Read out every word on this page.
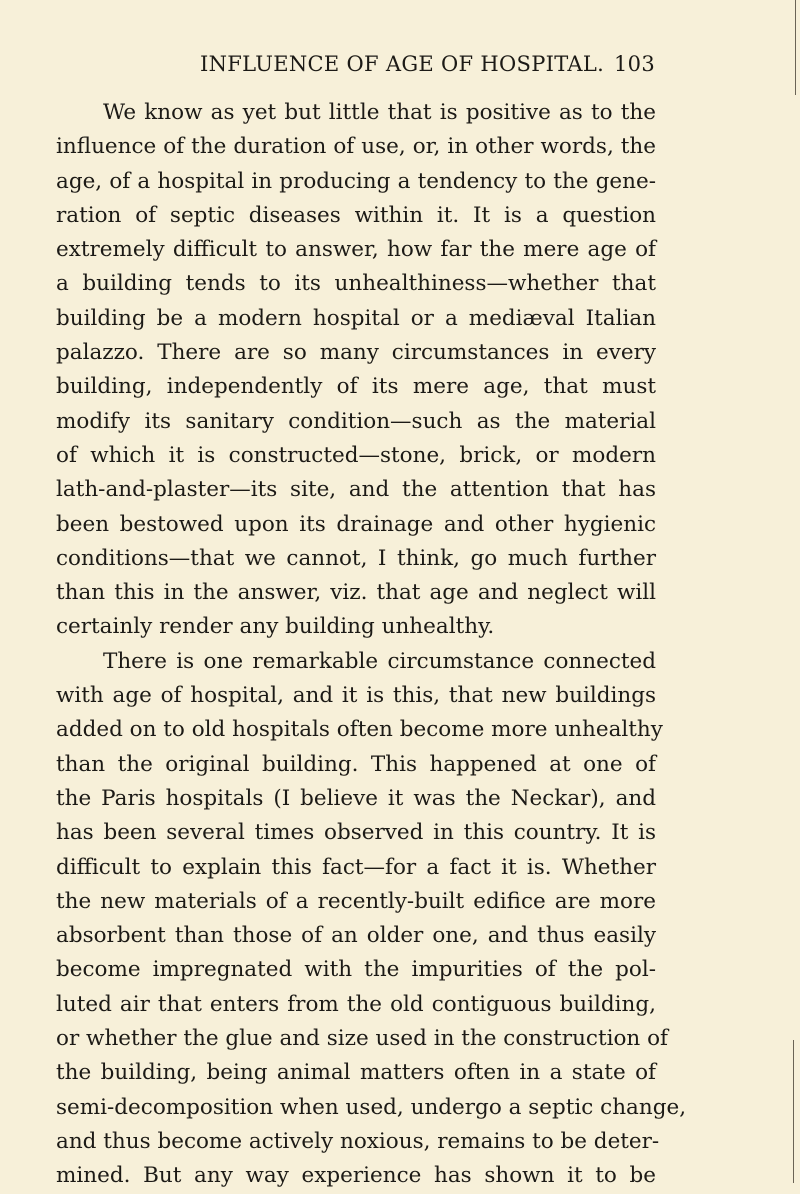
INFLUENCE OF AGE OF HOSPITAL. 103
We know as yet but little that is positive as to the
influence of the duration of use, or, in other words, the
age, of a hospital in producing a tendency to the gene-
ration of septic diseases within it. It is a question
extremely difficult to answer, how far the mere age of
a building tends to its unhealthiness—whether that
building be a modern hospital or a mediæval Italian
palazzo. There are so many circumstances in every
building, independently of its mere age, that must
modify its sanitary condition—such as the material
of which it is constructed—stone, brick, or modern
lath-and-plaster—its site, and the attention that has
been bestowed upon its drainage and other hygienic
conditions—that we cannot, I think, go much further
than this in the answer, viz. that age and neglect will
certainly render any building unhealthy.
There is one remarkable circumstance connected
with age of hospital, and it is this, that new buildings
added on to old hospitals often become more unhealthy
than the original building. This happened at one of
the Paris hospitals (I believe it was the Neckar), and
has been several times observed in this country. It is
difficult to explain this fact—for a fact it is. Whether
the new materials of a recently-built edifice are more
absorbent than those of an older one, and thus easily
become impregnated with the impurities of the pol-
luted air that enters from the old contiguous building,
or whether the glue and size used in the construction of
the building, being animal matters often in a state of
semi-decomposition when used, undergo a septic change,
and thus become actively noxious, remains to be deter-
mined. But any way experience has shown it to be
